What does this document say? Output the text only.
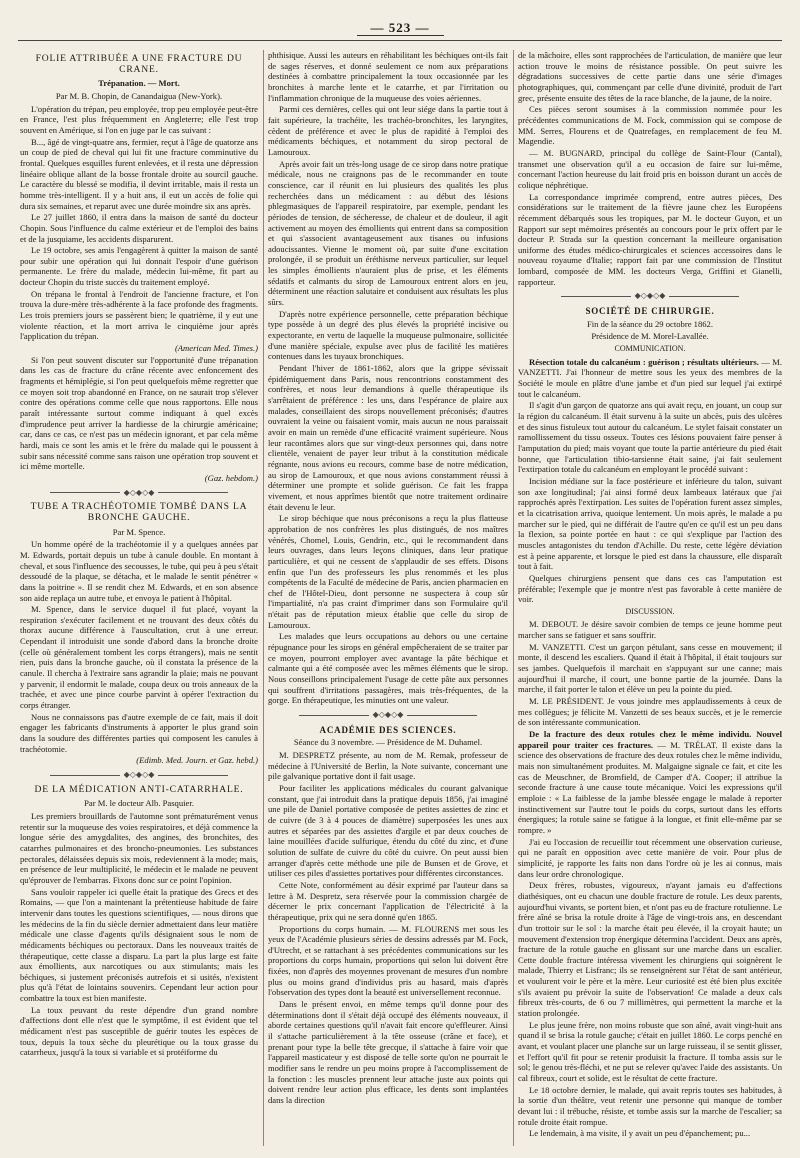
— 523 —
FOLIE ATTRIBUÉE A UNE FRACTURE DU CRANE.
Trépanation. — Mort.
Par M. B. Chopin, de Canandaigua (New-York).

L'opération du trépan, peu employée, trop peu employée peut-être en France, l'est plus fréquemment en Angleterre; elle l'est trop souvent en Amérique, si l'on en juge par le cas suivant :

B..., âgé de vingt-quatre ans, fermier, reçut à l'âge de quatorze ans un coup de pied de cheval qui lui fit une fracture comminutive du frontal. Quelques esquilles furent enlevées, et il resta une dépression linéaire oblique allant de la bosse frontale droite au sourcil gauche. Le caractère du blessé se modifia, il devint irritable, mais il resta un homme très-intelligent. Il y a huit ans, il eut un accès de folie qui dura six semaines, et reparut avec une durée moindre six ans après.

Le 27 juillet 1860, il entra dans la maison de santé du docteur Chopin. Sous l'influence du calme extérieur et de l'emploi des bains et de la jusquiame, les accidents disparurent.

Le 19 octobre, ses amis l'engagèrent à quitter la maison de santé pour subir une opération qui lui donnait l'espoir d'une guérison permanente. Le frère du malade, médecin lui-même, fit part au docteur Chopin du triste succès du traitement employé.

On trépana le frontal à l'endroit de l'ancienne fracture, et l'on trouva la dure-mère très-adhérente à la face profonde des fragments. Les trois premiers jours se passèrent bien; le quatrième, il y eut une violente réaction, et la mort arriva le cinquième jour après l'application du trépan.

(American Med. Times.)

Si l'on peut souvent discuter sur l'opportunité d'une trépanation dans les cas de fracture du crâne récente avec enfoncement des fragments et hémiplégie, si l'on peut quelquefois même regretter que ce moyen soit trop abandonné en France, on ne saurait trop s'élever contre des opérations comme celle que nous rapportons. Elle nous paraît intéressante surtout comme indiquant à quel excès d'imprudence peut arriver la hardiesse de la chirurgie américaine; car, dans ce cas, ce n'est pas un médecin ignorant, et par cela même hardi, mais ce sont les amis et le frère du malade qui le poussent à subir sans nécessité comme sans raison une opération trop souvent et ici même mortelle.

(Gaz. hebdom.)

◆◇◆◇◆
TUBE A TRACHÉOTOMIE TOMBÉ DANS LA BRONCHE GAUCHE.
Par M. Spence.

Un homme opéré de la trachéotomie il y a quelques années par M. Edwards, portait depuis un tube à canule double. En montant à cheval, et sous l'influence des secousses, le tube, qui peu à peu s'était dessoudé de la plaque, se détacha, et le malade le sentit pénétrer « dans la poitrine ». Il se rendit chez M. Edwards, et en son absence son aide replaça un autre tube, et envoya le patient à l'hôpital.

M. Spence, dans le service duquel il fut placé, voyant la respiration s'exécuter facilement et ne trouvant des deux côtés du thorax aucune différence à l'auscultation, crut à une erreur. Cependant il introduisit une sonde d'abord dans la bronche droite (celle où généralement tombent les corps étrangers), mais ne sentit rien, puis dans la bronche gauche, où il constata la présence de la canule. Il chercha à l'extraire sans agrandir la plaie; mais ne pouvant y parvenir, il endormit le malade, coupa deux ou trois anneaux de la trachée, et avec une pince courbe parvint à opérer l'extraction du corps étranger.

Nous ne connaissons pas d'autre exemple de ce fait, mais il doit engager les fabricants d'instruments à apporter le plus grand soin dans la soudure des différentes parties qui composent les canules à trachéotomie.

(Edimb. Med. Journ. et Gaz. hebd.)

◆◇◆◇◆
DE LA MÉDICATION ANTI-CATARRHALE.
Par M. le docteur Alb. Pasquier.

Les premiers brouillards de l'automne sont prématurément venus retentir sur la muqueuse des voies respiratoires, et déjà commence la longue série des amygdalites, des angines, des bronchites, des catarrhes pulmonaires et des broncho-pneumonies. Les substances pectorales, délaissées depuis six mois, redeviennent à la mode; mais, en présence de leur multiplicité, le médecin et le malade ne peuvent qu'éprouver de l'embarras. Fixons donc sur ce point l'opinion.

Sans vouloir rappeler ici quelle était la pratique des Grecs et des Romains, — que l'on a maintenant la prétentieuse habitude de faire intervenir dans toutes les questions scientifiques, — nous dirons que les médecins de la fin du siècle dernier admettaient dans leur matière médicale une classe d'agents qu'ils désignaient sous le nom de médicaments béchiques ou pectoraux. Dans les nouveaux traités de thérapeutique, cette classe a disparu. La part la plus large est faite aux émollients, aux narcotiques ou aux stimulants; mais les béchiques, si justement préconisés autrefois et si usités, n'existent plus qu'à l'état de lointains souvenirs. Cependant leur action pour combattre la toux est bien manifeste.

La toux peuvant du reste dépendre d'un grand nombre d'affections dont elle n'est que le symptôme, il est évident que tel médicament n'est pas susceptible de guérir toutes les espèces de toux, depuis la toux sèche du pleurétique ou la toux grasse du catarrheux, jusqu'à la toux si variable et si protéiforme du

phthisique. Aussi les auteurs en réhabilitant les béchiques ont-ils fait de sages réserves, et donné seulement ce nom aux préparations destinées à combattre principalement la toux occasionnée par les bronchites à marche lente et le catarrhe, et par l'irritation ou l'inflammation chronique de la muqueuse des voies aériennes.

Parmi ces dernières, celles qui ont leur siége dans la partie tout à fait supérieure, la trachéite, les trachéo-bronchites, les laryngites, cèdent de préférence et avec le plus de rapidité à l'emploi des médicaments béchiques, et notamment du sirop pectoral de Lamouroux.

Après avoir fait un très-long usage de ce sirop dans notre pratique médicale, nous ne craignons pas de le recommander en toute conscience, car il réunit en lui plusieurs des qualités les plus recherchées dans un médicament : au début des lésions phlegmasiques de l'appareil respiratoire, par exemple, pendant les périodes de tension, de sécheresse, de chaleur et de douleur, il agit activement au moyen des émollients qui entrent dans sa composition et qui s'associent avantageusement aux tisanes ou infusions adoucissantes. Vienne le moment où, par suite d'une excitation prolongée, il se produit un éréthisme nerveux particulier, sur lequel les simples émollients n'auraient plus de prise, et les éléments sédatifs et calmants du sirop de Lamouroux entrent alors en jeu, déterminent une réaction salutaire et conduisent aux résultats les plus sûrs.

D'après notre expérience personnelle, cette préparation béchique type possède à un degré des plus élevés la propriété incisive ou expectorante, en vertu de laquelle la muqueuse pulmonaire, sollicitée d'une manière spéciale, expulse avec plus de facilité les matières contenues dans les tuyaux bronchiques.

Pendant l'hiver de 1861-1862, alors que la grippe sévissait épidémiquement dans Paris, nous rencontrions constamment des confrères, et nous leur demandions à quelle thérapeutique ils s'arrêtaient de préférence : les uns, dans l'espérance de plaire aux malades, conseillaient des sirops nouvellement préconisés; d'autres ouvraient la veine ou faisaient vomir, mais aucun ne nous paraissait avoir en main un remède d'une efficacité vraiment supérieure. Nous leur racontâmes alors que sur vingt-deux personnes qui, dans notre clientèle, venaient de payer leur tribut à la constitution médicale régnante, nous avions eu recours, comme base de notre médication, au sirop de Lamouroux, et que nous avions constamment réussi à déterminer une prompte et solide guérison. Ce fait les frappa vivement, et nous apprîmes bientôt que notre traitement ordinaire était devenu le leur.

Le sirop béchique que nous préconisons a reçu la plus flatteuse approbation de nos confrères les plus distingués, de nos maîtres vénérés, Chomel, Louis, Gendrin, etc., qui le recommandent dans leurs ouvrages, dans leurs leçons cliniques, dans leur pratique particulière, et qui ne cessent de s'applaudir de ses effets. Disons enfin que l'un des professeurs les plus renommés et les plus compétents de la Faculté de médecine de Paris, ancien pharmacien en chef de l'Hôtel-Dieu, dont personne ne suspectera à coup sûr l'impartialité, n'a pas craint d'imprimer dans son Formulaire qu'il n'était pas de réputation mieux établie que celle du sirop de Lamouroux.

Les malades que leurs occupations au dehors ou une certaine répugnance pour les sirops en général empêcheraient de se traiter par ce moyen, pourront employer avec avantage la pâte béchique et calmante qui a été composée avec les mêmes éléments que le sirop. Nous conseillons principalement l'usage de cette pâte aux personnes qui souffrent d'irritations passagères, mais très-fréquentes, de la gorge. En thérapeutique, les minuties ont une valeur.

◆◇◆◇◆
ACADÉMIE DES SCIENCES.
Séance du 3 novembre. — Présidence de M. Duhamel.

M. DESPRETZ présente, au nom de M. Remak, professeur de médecine à l'Université de Berlin, la Note suivante, concernant une pile galvanique portative dont il fait usage.

Pour faciliter les applications médicales du courant galvanique constant, que j'ai introduit dans la pratique depuis 1856, j'ai imaginé une pile de Daniel portative composée de petites assiettes de zinc et de cuivre (de 3 à 4 pouces de diamètre) superposées les unes aux autres et séparées par des assiettes d'argile et par deux couches de laine mouillées d'acide sulfurique, étendu du côté du zinc, et d'une solution de sulfate de cuivre du côté du cuivre. On peut aussi bien arranger d'après cette méthode une pile de Bunsen et de Grove, et utiliser ces piles d'assiettes portatives pour différentes circonstances.

Cette Note, conformément au désir exprimé par l'auteur dans sa lettre à M. Despretz, sera réservée pour la commission chargée de décerner le prix concernant l'application de l'électricité à la thérapeutique, prix qui ne sera donné qu'en 1865.

Proportions du corps humain. — M. FLOURENS met sous les yeux de l'Académie plusieurs séries de dessins adressés par M. Fock, d'Utrecht, et se rattachant à ses précédentes communications sur les proportions du corps humain, proportions qui selon lui doivent être fixées, non d'après des moyennes provenant de mesures d'un nombre plus ou moins grand d'individus pris au hasard, mais d'après l'observation des types dont la beauté est universellement reconnue.

Dans le présent envoi, en même temps qu'il donne pour des déterminations dont il s'était déjà occupé des éléments nouveaux, il aborde certaines questions qu'il n'avait fait encore qu'effleurer. Ainsi il s'attache particulièrement à la tête osseuse (crâne et face), et prenant pour type la belle tête grecque, il s'attache à faire voir que l'appareil masticateur y est disposé de telle sorte qu'on ne pourrait le modifier sans le rendre un peu moins propre à l'accomplissement de la fonction : les muscles prennent leur attache juste aux points qui doivent rendre leur action plus efficace, les dents sont implantées dans la direction

de la mâchoire, elles sont rapprochées de l'articulation, de manière que leur action trouve le moins de résistance possible. On peut suivre les dégradations successives de cette partie dans une série d'images photographiques, qui, commençant par celle d'une divinité, produit de l'art grec, présente ensuite des têtes de la race blanche, de la jaune, de la noire.

Ces pièces seront soumises à la commission nommée pour les précédentes communications de M. Fock, commission qui se compose de MM. Serres, Flourens et de Quatrefages, en remplacement de feu M. Magendie.

— M. BUGNARD, principal du collège de Saint-Flour (Cantal), transmet une observation qu'il a eu occasion de faire sur lui-même, concernant l'action heureuse du lait froid pris en boisson durant un accès de colique néphrétique.

La correspondance imprimée comprend, entre autres pièces, Des considérations sur le traitement de la fièvre jaune chez les Européens récemment débarqués sous les tropiques, par M. le docteur Guyon, et un Rapport sur sept mémoires présentés au concours pour le prix offert par le docteur P. Strada sur la question concernant la meilleure organisation uniforme des études médico-chirurgicales et sciences accessoires dans le nouveau royaume d'Italie; rapport fait par une commission de l'Institut lombard, composée de MM. les docteurs Verga, Griffini et Gianelli, rapporteur.

◆◇◆◇◆
SOCIÉTÉ DE CHIRURGIE.
Fin de la séance du 29 octobre 1862.
Présidence de M. Morel-Lavallée.
COMMUNICATION.

Résection totale du calcanéum : guérison ; résultats ultérieurs. — M. VANZETTI. J'ai l'honneur de mettre sous les yeux des membres de la Société le moule en plâtre d'une jambe et d'un pied sur lequel j'ai extirpé tout le calcanéum.

Il s'agit d'un garçon de quatorze ans qui avait reçu, en jouant, un coup sur la région du calcanéum. Il était survenu à la suite un abcès, puis des ulcères et des sinus fistuleux tout autour du calcanéum. Le stylet faisait constater un ramollissement du tissu osseux. Toutes ces lésions pouvaient faire penser à l'amputation du pied; mais voyant que toute la partie antérieure du pied était bonne, que l'articulation tibio-tarsienne était saine, j'ai fait seulement l'extirpation totale du calcanéum en employant le procédé suivant :

Incision médiane sur la face postérieure et inférieure du talon, suivant son axe longitudinal; j'ai ainsi formé deux lambeaux latéraux que j'ai rapprochés après l'extirpation. Les suites de l'opération furent assez simples, et la cicatrisation arriva, quoique lentement. Un mois après, le malade a pu marcher sur le pied, qui ne différait de l'autre qu'en ce qu'il est un peu dans la flexion, sa pointe portée en haut : ce qui s'explique par l'action des muscles antagonistes du tendon d'Achille. Du reste, cette légère déviation est à peine apparente, et lorsque le pied est dans la chaussure, elle disparaît tout à fait.

Quelques chirurgiens pensent que dans ces cas l'amputation est préférable; l'exemple que je montre n'est pas favorable à cette manière de voir.

DISCUSSION.

M. DEBOUT. Je désire savoir combien de temps ce jeune homme peut marcher sans se fatiguer et sans souffrir.

M. VANZETTI. C'est un garçon pétulant, sans cesse en mouvement; il monte, il descend les escaliers. Quand il était à l'hôpital, il était toujours sur ses jambes. Quelquefois il marchait en s'appuyant sur une canne; mais aujourd'hui il marche, il court, une bonne partie de la journée. Dans la marche, il fait porter le talon et élève un peu la pointe du pied.

M. LE PRÉSIDENT. Je vous joindre mes applaudissements à ceux de mes collègues; je félicite M. Vanzetti de ses beaux succès, et je le remercie de son intéressante communication.

De la fracture des deux rotules chez le même individu. Nouvel appareil pour traiter ces fractures. — M. TRÉLAT. Il existe dans la science des observations de fracture des deux rotules chez le même individu, mais non simultanément produites. M. Malgaigne signale ce fait, et cite les cas de Meuschner, de Bromfield, de Camper d'A. Cooper; il attribue la seconde fracture à une cause toute mécanique. Voici les expressions qu'il emploie : « La faiblesse de la jambe blessée engage le malade à reporter instinctivement sur l'autre tout le poids du corps, surtout dans les efforts énergiques; la rotule saine se fatigue à la longue, et finit elle-même par se rompre. »

J'ai eu l'occasion de recueillir tout récemment une observation curieuse, qui ne paraît en opposition avec cette manière de voir. Pour plus de simplicité, je rapporte les faits non dans l'ordre où je les ai connus, mais dans leur ordre chronologique.

Deux frères, robustes, vigoureux, n'ayant jamais eu d'affections diathésiques, ont eu chacun une double fracture de rotule. Les deux parents, aujourd'hui vivants, se portent bien, et n'ont pas eu de fracture rotulienne. Le frère aîné se brisa la rotule droite à l'âge de vingt-trois ans, en descendant d'un trottoir sur le sol : la marche était peu élevée, il la croyait haute; un mouvement d'extension trop énergique détermina l'accident. Deux ans après, fracture de la rotule gauche en glissant sur une marche dans un escalier. Cette double fracture intéressa vivement les chirurgiens qui soignèrent le malade, Thierry et Lisfranc; ils se renseignèrent sur l'état de sant antérieur, et voulurent voir le père et la mère. Leur curiosité est été bien plus excitée s'ils avaient pu prévoir la suite de l'observation! Ce malade a deux cals fibreux très-courts, de 6 ou 7 millimètres, qui permettent la marche et la station prolongée.

Le plus jeune frère, non moins robuste que son aîné, avait vingt-huit ans quand il se brisa la rotule gauche; c'était en juillet 1860. Le corps penché en avant, et voulant placer une planche sur un large ruisseau, il se sentit glisser, et l'effort qu'il fit pour se retenir produisit la fracture. Il tomba assis sur le sol; le genou très-fléchi, et ne put se relever qu'avec l'aide des assistants. Un cal fibreux, court et solide, est le résultat de cette fracture.

Le 18 octobre dernier, le malade, qui avait repris toutes ses habitudes, à la sortie d'un théâtre, veut retenir une personne qui manque de tomber devant lui : il trébuche, résiste, et tombe assis sur la marche de l'escalier; sa rotule droite était rompue.

Le lendemain, à ma visite, il y avait un peu d'épanchement; pu...
